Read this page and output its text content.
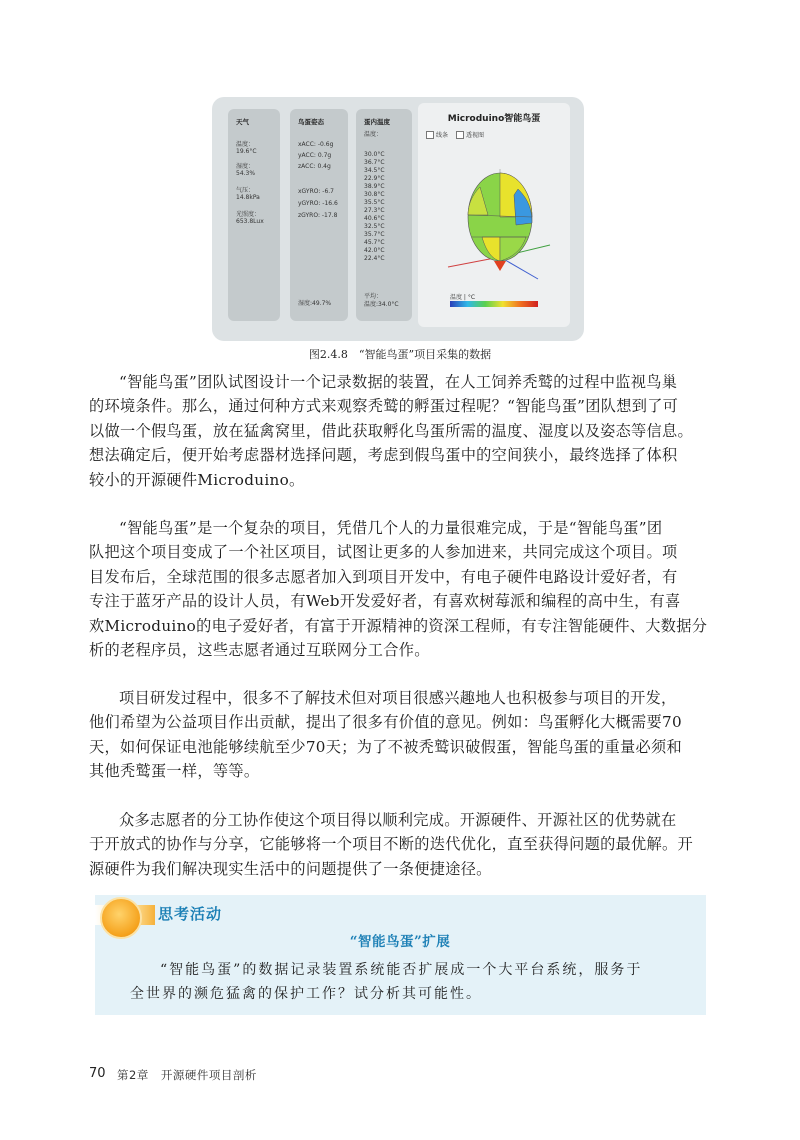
天气
温度：
19.6°C
湿度：
54.3%
气压：
14.8kPa
光照度：
653.8Lux
鸟蛋姿态
xACC: -0.6g
yACC: 0.7g
zACC: 0.4g
xGYRO: -6.7
yGYRO: -16.6
zGYRO: -17.8
湿度:49.7%
蛋内温度
温度：
30.0°C
36.7°C
34.5°C
22.9°C
38.9°C
30.8°C
35.5°C
27.3°C
40.6°C
32.5°C
35.7°C
45.7°C
42.0°C
22.4°C
平均：
温度:34.0°C
Microduino智能鸟蛋
线条	透视图
温度 | °C
图2.4.8　“智能鸟蛋”项目采集的数据
“智能鸟蛋”团队试图设计一个记录数据的装置，在人工饲养秃鹫的过程中监视鸟巢
的环境条件。那么，通过何种方式来观察秃鹫的孵蛋过程呢？“智能鸟蛋”团队想到了可
以做一个假鸟蛋，放在猛禽窝里，借此获取孵化鸟蛋所需的温度、湿度以及姿态等信息。
想法确定后，便开始考虑器材选择问题，考虑到假鸟蛋中的空间狭小，最终选择了体积
较小的开源硬件Microduino。
“智能鸟蛋”是一个复杂的项目，凭借几个人的力量很难完成，于是“智能鸟蛋”团
队把这个项目变成了一个社区项目，试图让更多的人参加进来，共同完成这个项目。项
目发布后，全球范围的很多志愿者加入到项目开发中，有电子硬件电路设计爱好者，有
专注于蓝牙产品的设计人员，有Web开发爱好者，有喜欢树莓派和编程的高中生，有喜
欢Microduino的电子爱好者，有富于开源精神的资深工程师，有专注智能硬件、大数据分
析的老程序员，这些志愿者通过互联网分工合作。
项目研发过程中，很多不了解技术但对项目很感兴趣地人也积极参与项目的开发，
他们希望为公益项目作出贡献，提出了很多有价值的意见。例如：鸟蛋孵化大概需要70
天，如何保证电池能够续航至少70天；为了不被秃鹫识破假蛋，智能鸟蛋的重量必须和
其他秃鹫蛋一样，等等。
众多志愿者的分工协作使这个项目得以顺利完成。开源硬件、开源社区的优势就在
于开放式的协作与分享，它能够将一个项目不断的迭代优化，直至获得问题的最优解。开
源硬件为我们解决现实生活中的问题提供了一条便捷途径。
思考活动
“智能鸟蛋”扩展
“智能鸟蛋”的数据记录装置系统能否扩展成一个大平台系统，服务于
全世界的濒危猛禽的保护工作？试分析其可能性。
70 第2章　开源硬件项目剖析
